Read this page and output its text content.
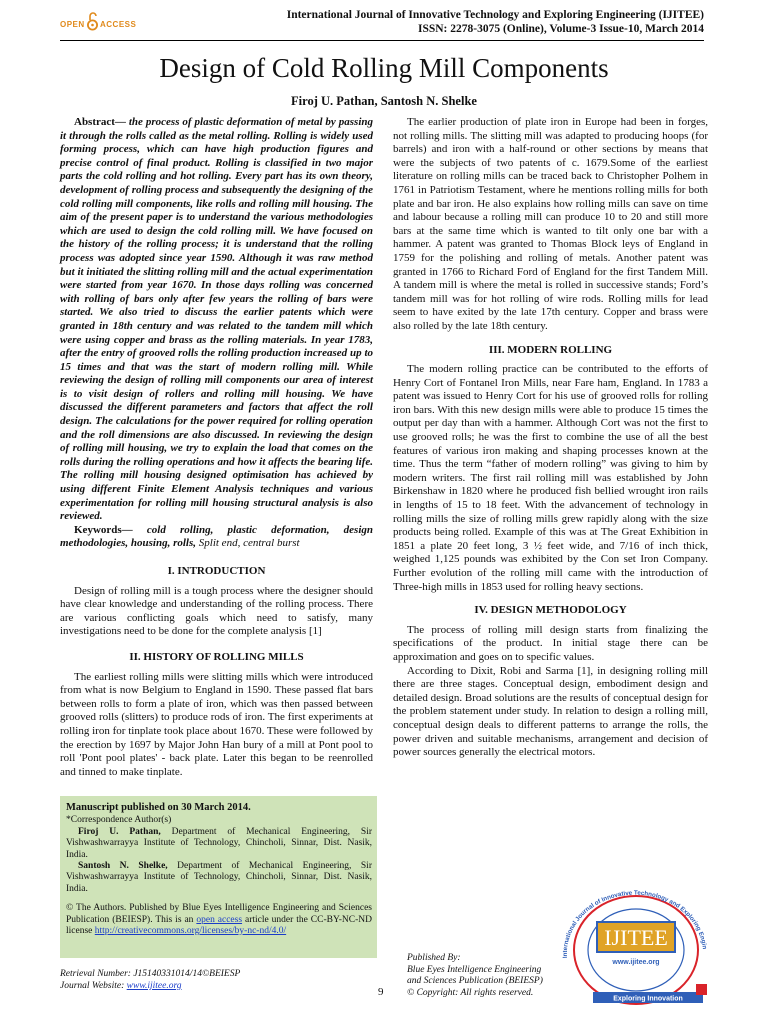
OPEN ACCESS
International Journal of Innovative Technology and Exploring Engineering (IJITEE)
ISSN: 2278-3075 (Online), Volume-3 Issue-10, March 2014
Design of Cold Rolling Mill Components
Firoj U. Pathan, Santosh N. Shelke

Abstract— the process of plastic deformation of metal by passing it through the rolls called as the metal rolling. Rolling is widely used forming process, which can have high production figures and precise control of final product. Rolling is classified in two major parts the cold rolling and hot rolling. Every part has its own theory, development of rolling process and subsequently the designing of the cold rolling mill components, like rolls and rolling mill housing. The aim of the present paper is to understand the various methodologies which are used to design the cold rolling mill. We have focused on the history of the rolling process; it is understand that the rolling process was adopted since year 1590. Although it was raw method but it initiated the slitting rolling mill and the actual experimentation were started from year 1670. In those days rolling was concerned with rolling of bars only after few years the rolling of bars were started. We also tried to discuss the earlier patents which were granted in 18th century and was related to the tandem mill which were using copper and brass as the rolling materials. In year 1783, after the entry of grooved rolls the rolling production increased up to 15 times and that was the start of modern rolling mill. While reviewing the design of rolling mill components our area of interest is to visit design of rollers and rolling mill housing. We have discussed the different parameters and factors that affect the roll design. The calculations for the power required for rolling operation and the roll dimensions are also discussed. In reviewing the design of rolling mill housing, we try to explain the load that comes on the rolls during the rolling operations and how it affects the bearing life. The rolling mill housing designed optimisation has achieved by using different Finite Element Analysis techniques and various experimentation for rolling mill housing structural analysis is also reviewed.

Keywords— cold rolling, plastic deformation, design methodologies, housing, rolls, Split end, central burst

I. INTRODUCTION

Design of rolling mill is a tough process where the designer should have clear knowledge and understanding of the rolling process. There are various conflicting goals which need to satisfy, many investigations need to be done for the complete analysis [1]

II. HISTORY OF ROLLING MILLS

The earliest rolling mills were slitting mills which were introduced from what is now Belgium to England in 1590. These passed flat bars between rolls to form a plate of iron, which was then passed between grooved rolls (slitters) to produce rods of iron. The first experiments at rolling iron for tinplate took place about 1670. These were followed by the erection by 1697 by Major John Han bury of a mill at Pont pool to roll 'Pont pool plates' - back plate. Later this began to be reenrolled and tinned to make tinplate.

Manuscript published on 30 March 2014.

*Correspondence Author(s)

Firoj U. Pathan, Department of Mechanical Engineering, Sir Vishwashwarrayya Institute of Technology, Chincholi, Sinnar, Dist. Nasik, India.

Santosh N. Shelke, Department of Mechanical Engineering, Sir Vishwashwarrayya Institute of Technology, Chincholi, Sinnar, Dist. Nasik, India.

© The Authors. Published by Blue Eyes Intelligence Engineering and Sciences Publication (BEIESP). This is an open access article under the CC-BY-NC-ND license http://creativecommons.org/licenses/by-nc-nd/4.0/

The earlier production of plate iron in Europe had been in forges, not rolling mills. The slitting mill was adapted to producing hoops (for barrels) and iron with a half-round or other sections by means that were the subjects of two patents of c. 1679.Some of the earliest literature on rolling mills can be traced back to Christopher Polhem in 1761 in Patriotism Testament, where he mentions rolling mills for both plate and bar iron. He also explains how rolling mills can save on time and labour because a rolling mill can produce 10 to 20 and still more bars at the same time which is wanted to tilt only one bar with a hammer. A patent was granted to Thomas Block leys of England in 1759 for the polishing and rolling of metals. Another patent was granted in 1766 to Richard Ford of England for the first Tandem Mill. A tandem mill is where the metal is rolled in successive stands; Ford’s tandem mill was for hot rolling of wire rods. Rolling mills for lead seem to have exited by the late 17th century. Copper and brass were also rolled by the late 18th century.

III. MODERN ROLLING

The modern rolling practice can be contributed to the efforts of Henry Cort of Fontanel Iron Mills, near Fare ham, England. In 1783 a patent was issued to Henry Cort for his use of grooved rolls for rolling iron bars. With this new design mills were able to produce 15 times the output per day than with a hammer. Although Cort was not the first to use grooved rolls; he was the first to combine the use of all the best features of various iron making and shaping processes known at the time. Thus the term “father of modern rolling” was giving to him by modern writers. The first rail rolling mill was established by John Birkenshaw in 1820 where he produced fish bellied wrought iron rails in lengths of 15 to 18 feet. With the advancement of technology in rolling mills the size of rolling mills grew rapidly along with the size products being rolled. Example of this was at The Great Exhibition in 1851 a plate 20 feet long, 3 ½ feet wide, and 7/16 of inch thick, weighed 1,125 pounds was exhibited by the Con set Iron Company. Further evolution of the rolling mill came with the introduction of Three-high mills in 1853 used for rolling heavy sections.

IV. DESIGN METHODOLOGY

The process of rolling mill design starts from finalizing the specifications of the product. In initial stage there can be approximation and goes on to specific values.

According to Dixit, Robi and Sarma [1], in designing rolling mill there are three stages. Conceptual design, embodiment design and detailed design. Broad solutions are the results of conceptual design for the problem statement under study. In relation to design a rolling mill, conceptual design deals to different patterns to arrange the rolls, the power driven and suitable mechanisms, arrangement and decision of power sources generally the electrical motors.

Retrieval Number: J15140331014/14©BEIESP
Journal Website: www.ijitee.org	9
Published By:
Blue Eyes Intelligence Engineering
and Sciences Publication (BEIESP)
© Copyright: All rights reserved.
International Journal of Innovative Technology and Exploring Engin
IJITEE
www.ijitee.org
Exploring Innovation
